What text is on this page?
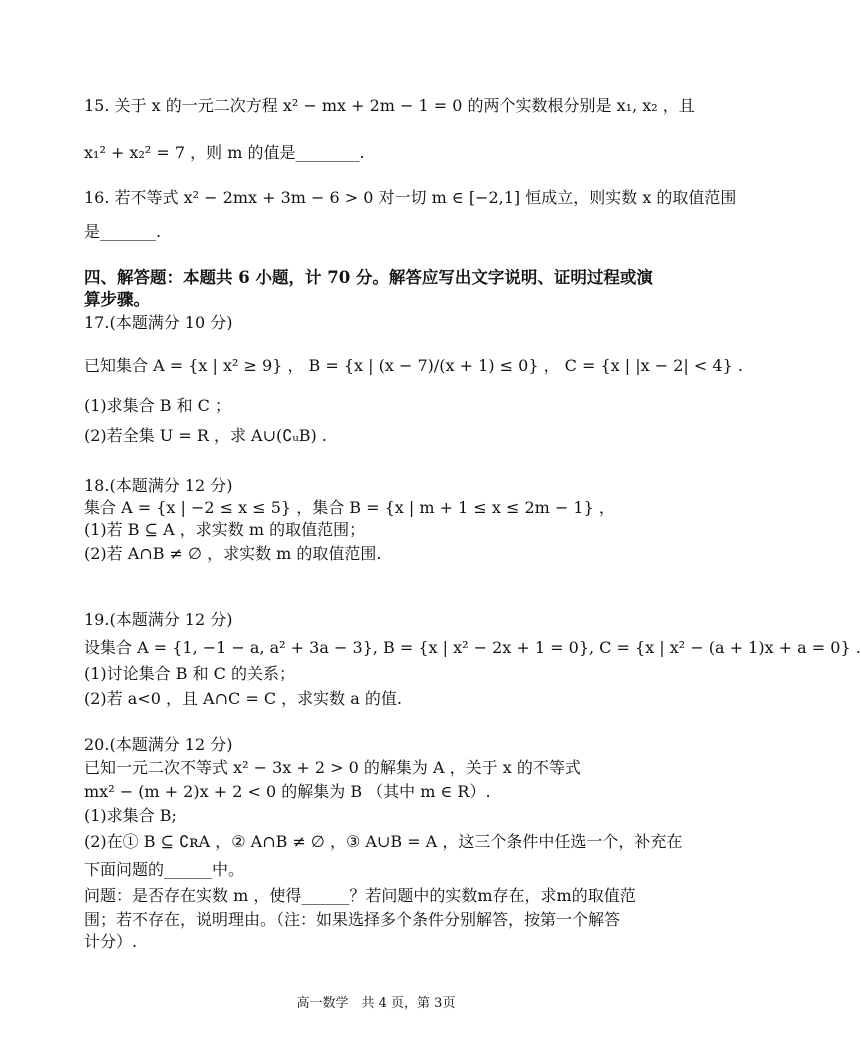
15. 关于 x 的一元二次方程 x² − mx + 2m − 1 = 0 的两个实数根分别是 x₁, x₂ ，且
x₁² + x₂² = 7 ，则 m 的值是________.
16. 若不等式 x² − 2mx + 3m − 6 > 0 对一切 m ∈ [−2,1] 恒成立，则实数 x 的取值范围
是_______.
四、解答题：本题共 6 小题，计 70 分。解答应写出文字说明、证明过程或演
算步骤。
17.(本题满分 10 分)
已知集合 A = {x | x² ≥ 9} ， B = {x | (x − 7)/(x + 1) ≤ 0} ， C = {x | |x − 2| < 4} .
(1)求集合 B 和 C ；
(2)若全集 U = R ，求 A∪(∁ᵤB) .
18.(本题满分 12 分)
集合 A = {x | −2 ≤ x ≤ 5} ，集合 B = {x | m + 1 ≤ x ≤ 2m − 1} ，
(1)若 B ⊆ A ，求实数 m 的取值范围；
(2)若 A∩B ≠ ∅ ，求实数 m 的取值范围.
19.(本题满分 12 分)
设集合 A = {1, −1 − a, a² + 3a − 3}, B = {x | x² − 2x + 1 = 0}, C = {x | x² − (a + 1)x + a = 0} .
(1)讨论集合 B 和 C 的关系；
(2)若 a<0 ，且 A∩C = C ，求实数 a 的值.
20.(本题满分 12 分)
已知一元二次不等式 x² − 3x + 2 > 0 的解集为 A ，关于 x 的不等式
mx² − (m + 2)x + 2 < 0 的解集为 B （其中 m ∈ R）.
(1)求集合 B;
(2)在① B ⊆ ∁ʀA ，② A∩B ≠ ∅ ，③ A∪B = A ，这三个条件中任选一个，补充在
下面问题的______中。
问题：是否存在实数 m ，使得______？若问题中的实数m存在，求m的取值范
围；若不存在，说明理由。（注：如果选择多个条件分别解答，按第一个解答
计分）.
高一数学　共 4 页，第 3页
